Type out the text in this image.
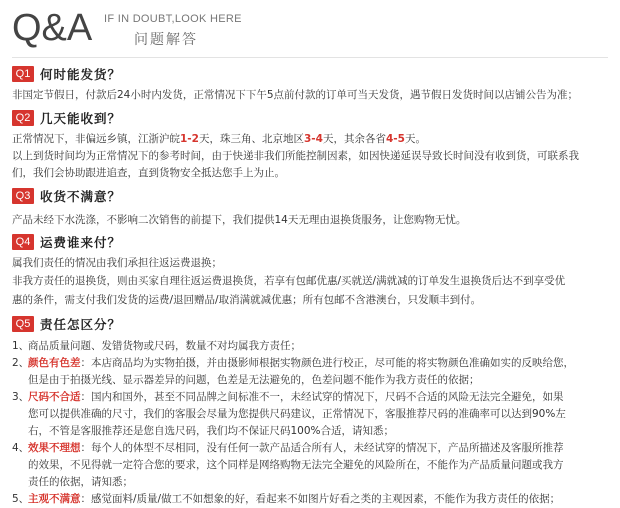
Q&A IF IN DOUBT,LOOK HERE
问题解答
Q1 何时能发货？

非国定节假日，付款后24小时内发货，正常情况下下午5点前付款的订单可当天发货，遇节假日发货时间以店铺公告为准；

Q2 几天能收到？

正常情况下，非偏远乡镇，江浙沪皖1-2天，珠三角、北京地区3-4天，其余各省4-5天。

以上到货时间均为正常情况下的参考时间，由于快递非我们所能控制因素，如因快递延误导致长时间没有收到货，可联系我

们，我们会协助跟进追查，直到货物安全抵达您手上为止。

Q3 收货不满意？

产品未经下水洗涤，不影响二次销售的前提下，我们提供14天无理由退换货服务，让您购物无忧。

Q4 运费谁来付？

属我们责任的情况由我们承担往返运费退换；

非我方责任的退换货，则由买家自理往返运费退换货，若享有包邮优惠/买就送/满就减的订单发生退换货后达不到享受优

惠的条件，需支付我们发货的运费/退回赠品/取消满就减优惠；所有包邮不含港澳台，只发顺丰到付。

Q5 责任怎区分？
1、
商品质量问题、发错货物或尺码，数量不对均属我方责任；
2、
颜色有色差：本店商品均为实物拍摄，并由摄影师根据实物颜色进行校正，尽可能的将实物颜色准确如实的反映给您，
但是由于拍摄光线、显示器差异的问题，色差是无法避免的，色差问题不能作为我方责任的依据；
3、
尺码不合适：国内和国外，甚至不同品牌之间标准不一，未经试穿的情况下，尺码不合适的风险无法完全避免，如果
您可以提供准确的尺寸，我们的客服会尽量为您提供尺码建议，正常情况下，客服推荐尺码的准确率可以达到90%左
右，不管是客服推荐还是您自选尺码，我们均不保证尺码100%合适，请知悉；
4、
效果不理想：每个人的体型不尽相同，没有任何一款产品适合所有人，未经试穿的情况下，产品所描述及客服所推荐
的效果，不见得就一定符合您的要求，这个同样是网络购物无法完全避免的风险所在，不能作为产品质量问题或我方
责任的依据，请知悉；
5、
主观不满意：感觉面料/质量/做工不如想象的好，看起来不如图片好看之类的主观因素，不能作为我方责任的依据；
